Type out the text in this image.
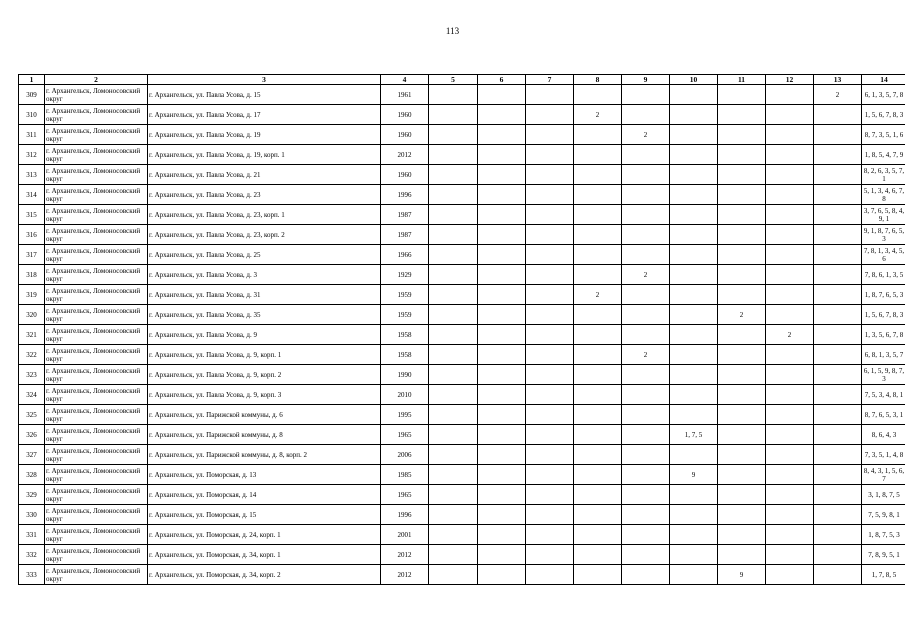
113
1	2	3	4	5	6	7	8	9	10	11	12	13	14
309	г. Архангельск, Ломоносовский округ	г. Архангельск, ул. Павла Усова, д. 15	1961									2	6, 1, 3, 5, 7, 8
310	г. Архангельск, Ломоносовский округ	г. Архангельск, ул. Павла Усова, д. 17	1960				2						1, 5, 6, 7, 8, 3
311	г. Архангельск, Ломоносовский округ	г. Архангельск, ул. Павла Усова, д. 19	1960					2					8, 7, 3, 5, 1, 6
312	г. Архангельск, Ломоносовский округ	г. Архангельск, ул. Павла Усова, д. 19, корп. 1	2012										1, 8, 5, 4, 7, 9
313	г. Архангельск, Ломоносовский округ	г. Архангельск, ул. Павла Усова, д. 21	1960										8, 2, 6, 3, 5, 7, 1
314	г. Архангельск, Ломоносовский округ	г. Архангельск, ул. Павла Усова, д. 23	1996										5, 1, 3, 4, 6, 7, 8
315	г. Архангельск, Ломоносовский округ	г. Архангельск, ул. Павла Усова, д. 23, корп. 1	1987										3, 7, 6, 5, 8, 4, 9, 1
316	г. Архангельск, Ломоносовский округ	г. Архангельск, ул. Павла Усова, д. 23, корп. 2	1987										9, 1, 8, 7, 6, 5, 3
317	г. Архангельск, Ломоносовский округ	г. Архангельск, ул. Павла Усова, д. 25	1966										7, 8, 1, 3, 4, 5, 6
318	г. Архангельск, Ломоносовский округ	г. Архангельск, ул. Павла Усова, д. 3	1929					2					7, 8, 6, 1, 3, 5
319	г. Архангельск, Ломоносовский округ	г. Архангельск, ул. Павла Усова, д. 31	1959				2						1, 8, 7, 6, 5, 3
320	г. Архангельск, Ломоносовский округ	г. Архангельск, ул. Павла Усова, д. 35	1959							2			1, 5, 6, 7, 8, 3
321	г. Архангельск, Ломоносовский округ	г. Архангельск, ул. Павла Усова, д. 9	1958								2		1, 3, 5, 6, 7, 8
322	г. Архангельск, Ломоносовский округ	г. Архангельск, ул. Павла Усова, д. 9, корп. 1	1958					2					6, 8, 1, 3, 5, 7
323	г. Архангельск, Ломоносовский округ	г. Архангельск, ул. Павла Усова, д. 9, корп. 2	1990										6, 1, 5, 9, 8, 7, 3
324	г. Архангельск, Ломоносовский округ	г. Архангельск, ул. Павла Усова, д. 9, корп. 3	2010										7, 5, 3, 4, 8, 1
325	г. Архангельск, Ломоносовский округ	г. Архангельск, ул. Парижской коммуны, д. 6	1995										8, 7, 6, 5, 3, 1
326	г. Архангельск, Ломоносовский округ	г. Архангельск, ул. Парижской коммуны, д. 8	1965						1, 7, 5				8, 6, 4, 3
327	г. Архангельск, Ломоносовский округ	г. Архангельск, ул. Парижской коммуны, д. 8, корп. 2	2006										7, 3, 5, 1, 4, 8
328	г. Архангельск, Ломоносовский округ	г. Архангельск, ул. Поморская, д. 13	1985						9				8, 4, 3, 1, 5, 6, 7
329	г. Архангельск, Ломоносовский округ	г. Архангельск, ул. Поморская, д. 14	1965										3, 1, 8, 7, 5
330	г. Архангельск, Ломоносовский округ	г. Архангельск, ул. Поморская, д. 15	1996										7, 5, 9, 8, 1
331	г. Архангельск, Ломоносовский округ	г. Архангельск, ул. Поморская, д. 24, корп. 1	2001										1, 8, 7, 5, 3
332	г. Архангельск, Ломоносовский округ	г. Архангельск, ул. Поморская, д. 34, корп. 1	2012										7, 8, 9, 5, 1
333	г. Архангельск, Ломоносовский округ	г. Архангельск, ул. Поморская, д. 34, корп. 2	2012							9			1, 7, 8, 5
